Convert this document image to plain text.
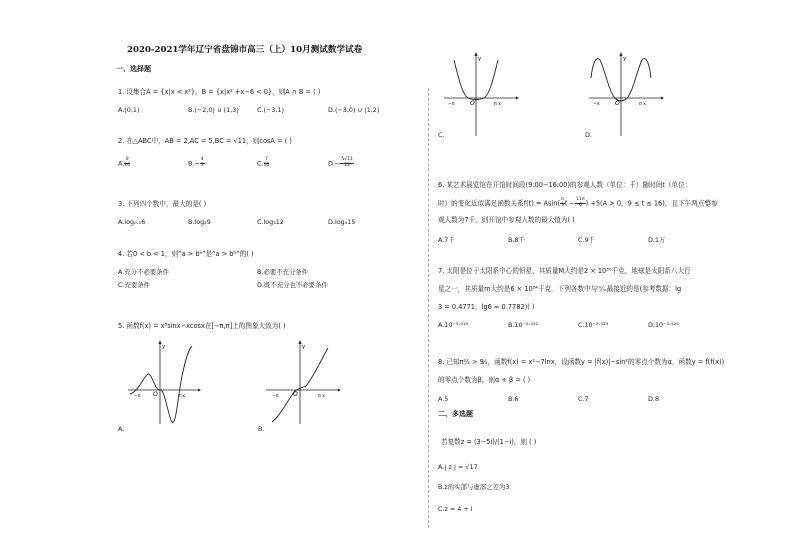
2020-2021学年辽宁省盘锦市高三（上）10月测试数学试卷
一、选择题
1. 设集合A = {x|x < x²}，B = {x|x² +x−6 < 0}，则A ∩ B = ( )
A.(0,1)	B.(−2,0) ∪ (1,3)	C.(−3,1)	D.(−3,0) ∪ (1,2)
2. 在△ABC中，AB = 2,AC = 5,BC = √11，则cosA = ( )
A. $\frac{9}{10}$	$B.- \frac{4}{5}$	C. $\frac{7}{10}$	$D.- \frac{5√11}{22}$
3. 下列四个数中，最大的是( )
A.log₀.₁6	B.log₂9	C.log₃12	D.log₄15
4. 若0 < b < 1，则“a > bᵃ”是“a > bᵇ”的( )
A.充分不必要条件	B.必要不充分条件
C.充要条件	D.既不充分也不必要条件
5. 函数f(x) = x³sinx−xcosx在[−π,π]上的图象大致为( )
y
O
−π	π x
A.
y
O
−π	π x
B.
y
O
−π	π x
C.
y
O
−π	π x
D.
6. 某艺术展览馆在开馆时间段(9:00−16:00)的参观人数（单位：千）随时间t（单位：
时）的变化近似满足函数关系$f(t) = Asin( \frac{\pi}{3}$ $t - \frac{11\pi}{6}$ ) +5(A > 0，9 ≤ t ≤ 16)，且下午两点整参
观人数为7千，则开馆中参观人数的最大值为( )
A.7千	B.8千	C.9千	D.1万
7. 太阳是位于太阳系中心的恒星，其质量M大约是2 × 10³⁰千克，地球是太阳系八大行
星之一，其质量m大约是6 × 10²⁴千克．下列各数中与ᵐ⁄ₘ最接近的是(参考数据：lg
3 = 0.4771，lg6 ≈ 0.7782)( )
A.10⁻⁵·⁵¹⁹	B.10⁻⁵·⁵²¹	C.10⁻⁵·⁵²³	D.10⁻⁵·⁵²⁵
8. 已知π²⁄₂ > 9⁄₂，函数f(x) = x²−7lnx，设函数y = |f(x)|−sin²的零点个数为α，函数y = f(f(x))
的零点个数为β，则α + β = ( )
A.5	B.6	C.7	D.8
二、多选题
若复数z = (3−5i)/(1−i)，则 ( )
A.| z | = √17
B.z的实部与虚部之差为3
C.z = 4 + i
